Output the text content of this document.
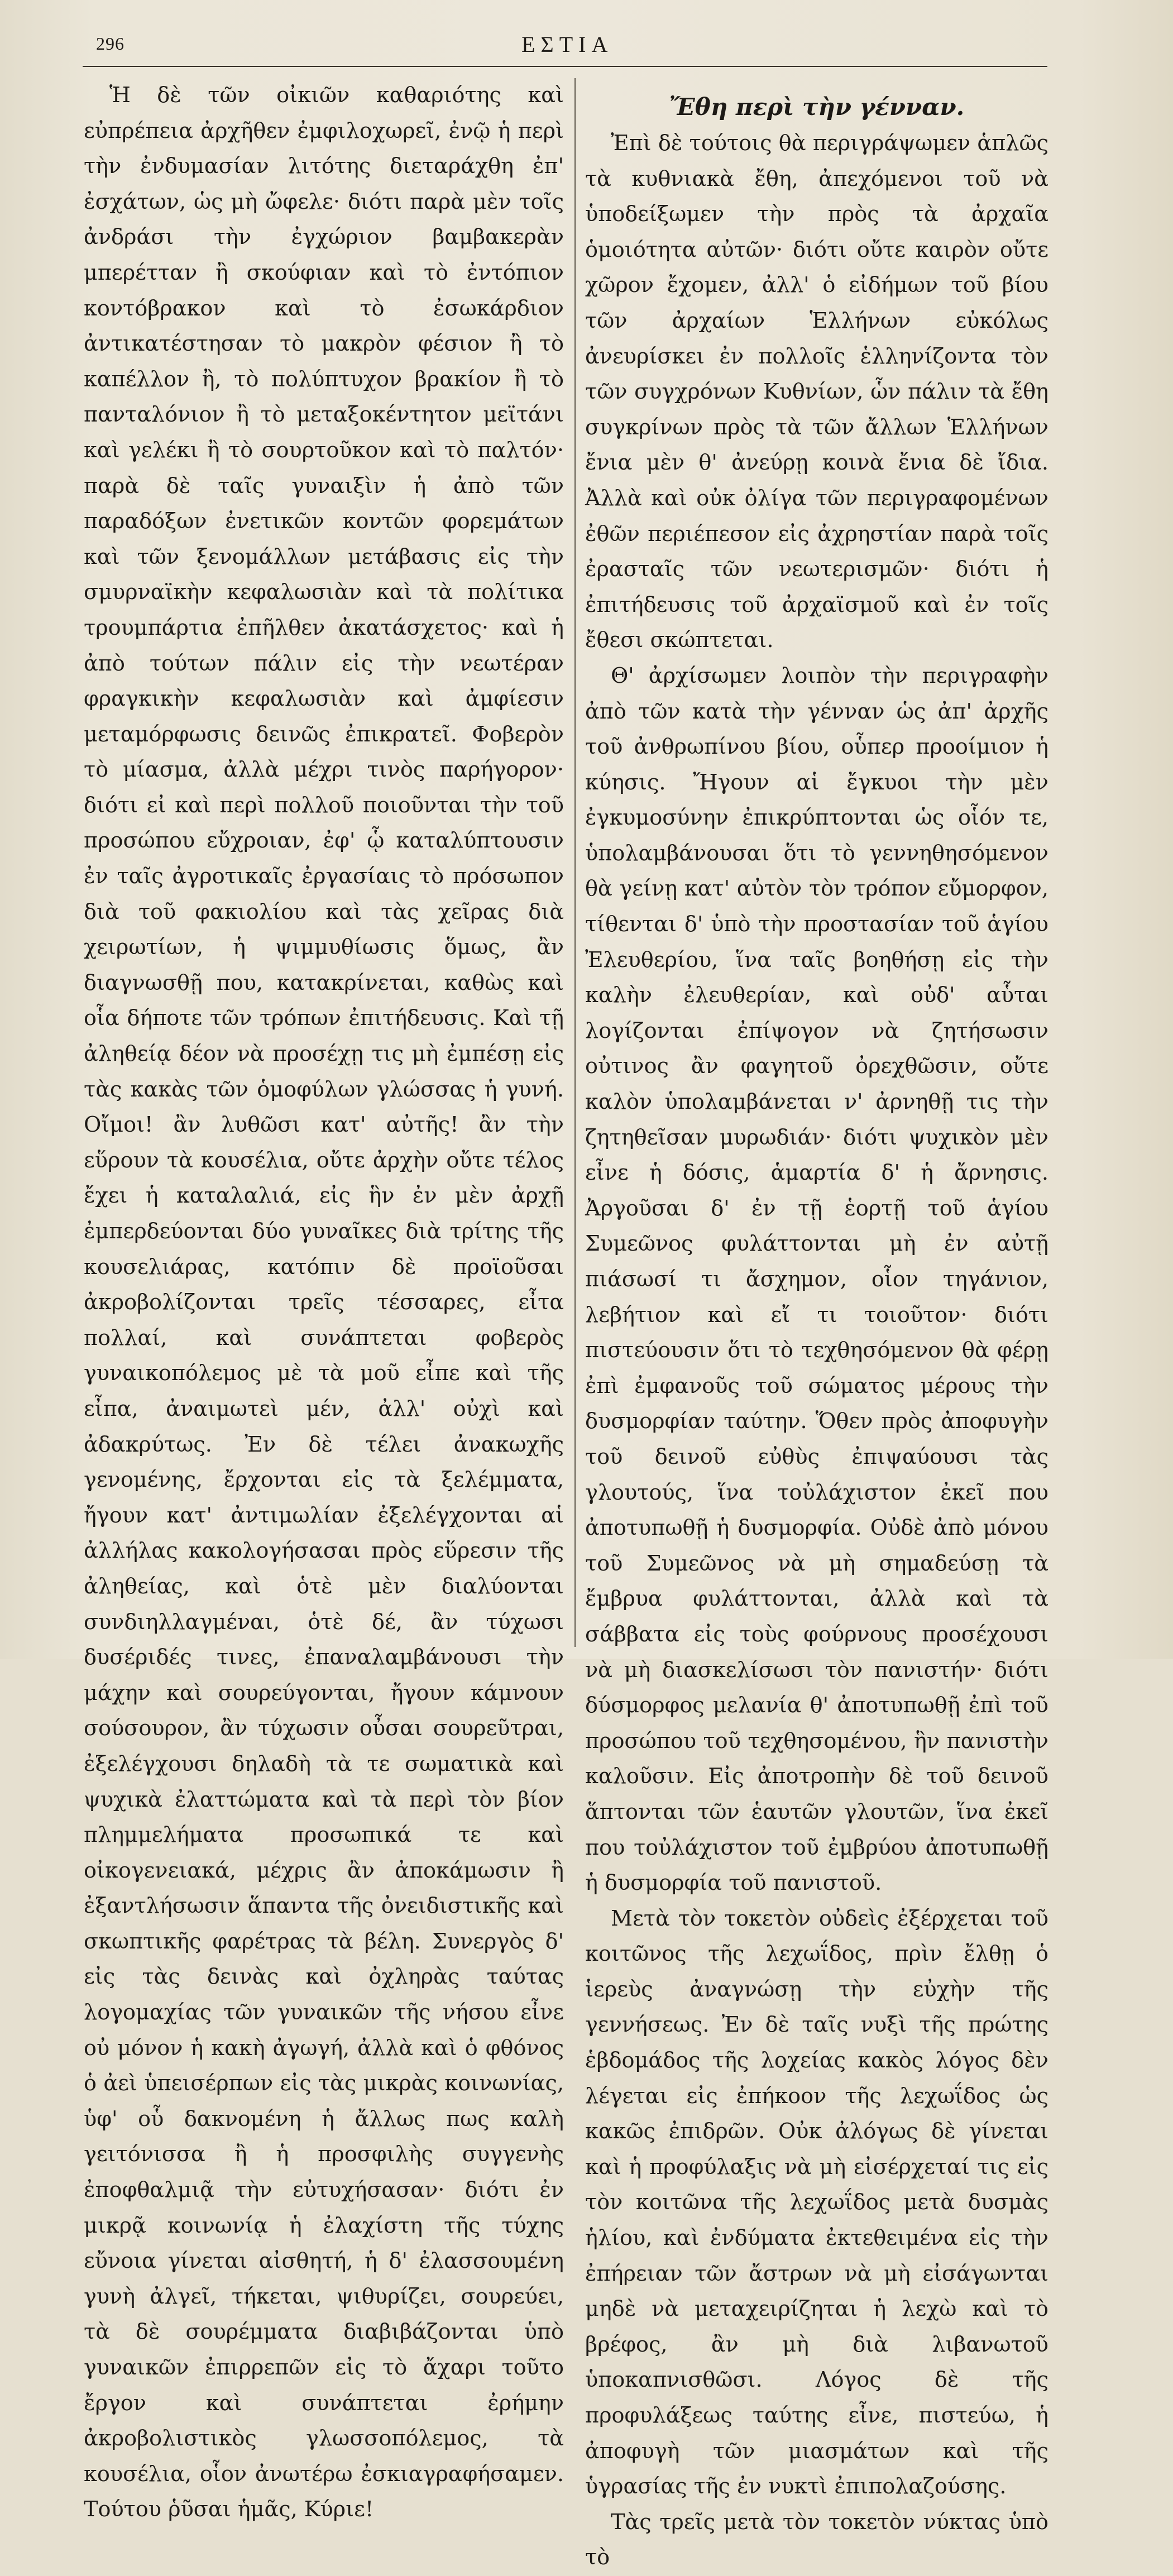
296	ΕΣΤΙΑ

Ἡ δὲ τῶν οἰκιῶν καθαριότης καὶ εὐπρέπεια ἀρχῆθεν ἐμφιλοχωρεῖ, ἐνῷ ἡ περὶ τὴν ἐνδυμασίαν λιτότης διεταράχθη ἐπ' ἐσχάτων, ὡς μὴ ὤφελε· διότι παρὰ μὲν τοῖς ἀνδράσι τὴν ἐγχώριον βαμβακερὰν μπερέτταν ἢ σκούφιαν καὶ τὸ ἐντόπιον κοντόβρακον καὶ τὸ ἐσωκάρδιον ἀντικατέστησαν τὸ μακρὸν φέσιον ἢ τὸ καπέλλον ἢ, τὸ πολύπτυχον βρακίον ἢ τὸ πανταλόνιον ἢ τὸ μεταξοκέντητον μεϊτάνι καὶ γελέκι ἢ τὸ σουρτοῦκον καὶ τὸ παλτόν· παρὰ δὲ ταῖς γυναιξὶν ἡ ἀπὸ τῶν παραδόξων ἐνετικῶν κοντῶν φορεμάτων καὶ τῶν ξενομάλλων μετάβασις εἰς τὴν σμυρναϊκὴν κεφαλωσιὰν καὶ τὰ πολίτικα τρουμπάρτια ἐπῆλθεν ἀκατάσχετος· καὶ ἡ ἀπὸ τούτων πάλιν εἰς τὴν νεωτέραν φραγκικὴν κεφαλωσιὰν καὶ ἀμφίεσιν μεταμόρφωσις δεινῶς ἐπικρατεῖ. Φοβερὸν τὸ μίασμα, ἀλλὰ μέχρι τινὸς παρήγορον· διότι εἰ καὶ περὶ πολλοῦ ποιοῦνται τὴν τοῦ προσώπου εὔχροιαν, ἐφ' ᾧ καταλύπτουσιν ἐν ταῖς ἀγροτικαῖς ἐργασίαις τὸ πρόσωπον διὰ τοῦ φακιολίου καὶ τὰς χεῖρας διὰ χειρωτίων, ἡ ψιμμυθίωσις ὅμως, ἂν διαγνωσθῇ που, κατακρίνεται, καθὼς καὶ οἷα δήποτε τῶν τρόπων ἐπιτήδευσις. Καὶ τῇ ἀληθείᾳ δέον νὰ προσέχῃ τις μὴ ἐμπέσῃ εἰς τὰς κακὰς τῶν ὁμοφύλων γλώσσας ἡ γυνή. Οἴμοι! ἂν λυθῶσι κατ' αὐτῆς! ἂν τὴν εὕρουν τὰ κουσέλια, οὔτε ἀρχὴν οὔτε τέλος ἔχει ἡ καταλαλιά, εἰς ἣν ἐν μὲν ἀρχῇ ἐμπερδεύονται δύο γυναῖκες διὰ τρίτης τῆς κουσελιάρας, κατόπιν δὲ προϊοῦσαι ἀκροβολίζονται τρεῖς τέσσαρες, εἶτα πολλαί, καὶ συνάπτεται φοβερὸς γυναικοπόλεμος μὲ τὰ μοῦ εἶπε καὶ τῆς εἶπα, ἀναιμωτεὶ μέν, ἀλλ' οὐχὶ καὶ ἀδακρύτως. Ἐν δὲ τέλει ἀνακωχῆς γενομένης, ἔρχονται εἰς τὰ ξελέμματα, ἤγουν κατ' ἀντιμωλίαν ἐξελέγχονται αἱ ἀλλήλας κακολογήσασαι πρὸς εὕρεσιν τῆς ἀληθείας, καὶ ὁτὲ μὲν διαλύονται συνδιηλλαγμέναι, ὁτὲ δέ, ἂν τύχωσι δυσέριδές τινες, ἐπαναλαμβάνουσι τὴν μάχην καὶ σουρεύγονται, ἤγουν κάμνουν σούσουρον, ἂν τύχωσιν οὖσαι σουρεῦτραι, ἐξελέγχουσι δηλαδὴ τὰ τε σωματικὰ καὶ ψυχικὰ ἐλαττώματα καὶ τὰ περὶ τὸν βίον πλημμελήματα προσωπικά τε καὶ οἰκογενειακά, μέχρις ἂν ἀποκάμωσιν ἢ ἐξαντλήσωσιν ἅπαντα τῆς ὀνειδιστικῆς καὶ σκωπτικῆς φαρέτρας τὰ βέλη. Συνεργὸς δ' εἰς τὰς δεινὰς καὶ ὀχληρὰς ταύτας λογομαχίας τῶν γυναικῶν τῆς νήσου εἶνε οὐ μόνον ἡ κακὴ ἀγωγή, ἀλλὰ καὶ ὁ φθόνος ὁ ἀεὶ ὑπεισέρπων εἰς τὰς μικρὰς κοινωνίας, ὑφ' οὗ δακνομένη ἡ ἄλλως πως καλὴ γειτόνισσα ἢ ἡ προσφιλὴς συγγενὴς ἐποφθαλμιᾷ τὴν εὐτυχήσασαν· διότι ἐν μικρᾷ κοινωνίᾳ ἡ ἐλαχίστη τῆς τύχης εὔνοια γίνεται αἰσθητή, ἡ δ' ἐλασσουμένη γυνὴ ἀλγεῖ, τήκεται, ψιθυρίζει, σουρεύει, τὰ δὲ σουρέμματα διαβιβάζονται ὑπὸ γυναικῶν ἐπιρρεπῶν εἰς τὸ ἄχαρι τοῦτο ἔργον καὶ συνάπτεται ἐρήμην ἀκροβολιστικὸς γλωσσοπόλεμος, τὰ κουσέλια, οἷον ἀνωτέρω ἐσκιαγραφήσαμεν. Τούτου ῥῦσαι ἡμᾶς, Κύριε!

Ἔθη περὶ τὴν γένναν.

Ἐπὶ δὲ τούτοις θὰ περιγράψωμεν ἁπλῶς τὰ κυθνιακὰ ἔθη, ἀπεχόμενοι τοῦ νὰ ὑποδείξωμεν τὴν πρὸς τὰ ἀρχαῖα ὁμοιότητα αὐτῶν· διότι οὔτε καιρὸν οὔτε χῶρον ἔχομεν, ἀλλ' ὁ εἰδήμων τοῦ βίου τῶν ἀρχαίων Ἑλλήνων εὐκόλως ἀνευρίσκει ἐν πολλοῖς ἑλληνίζοντα τὸν τῶν συγχρόνων Κυθνίων, ὧν πάλιν τὰ ἔθη συγκρίνων πρὸς τὰ τῶν ἄλλων Ἑλλήνων ἔνια μὲν θ' ἀνεύρῃ κοινὰ ἔνια δὲ ἴδια. Ἀλλὰ καὶ οὐκ ὀλίγα τῶν περιγραφομένων ἐθῶν περιέπεσον εἰς ἀχρηστίαν παρὰ τοῖς ἐρασταῖς τῶν νεωτερισμῶν· διότι ἡ ἐπιτήδευσις τοῦ ἀρχαϊσμοῦ καὶ ἐν τοῖς ἔθεσι σκώπτεται.

Θ' ἀρχίσωμεν λοιπὸν τὴν περιγραφὴν ἀπὸ τῶν κατὰ τὴν γένναν ὡς ἀπ' ἀρχῆς τοῦ ἀνθρωπίνου βίου, οὗπερ προοίμιον ἡ κύησις. Ἤγουν αἱ ἔγκυοι τὴν μὲν ἐγκυμοσύνην ἐπικρύπτονται ὡς οἷόν τε, ὑπολαμβάνουσαι ὅτι τὸ γεννηθησόμενον θὰ γείνῃ κατ' αὐτὸν τὸν τρόπον εὔμορφον, τίθενται δ' ὑπὸ τὴν προστασίαν τοῦ ἁγίου Ἐλευθερίου, ἵνα ταῖς βοηθήσῃ εἰς τὴν καλὴν ἐλευθερίαν, καὶ οὐδ' αὗται λογίζονται ἐπίψογον νὰ ζητήσωσιν οὐτινος ἂν φαγητοῦ ὀρεχθῶσιν, οὔτε καλὸν ὑπολαμβάνεται ν' ἀρνηθῇ τις τὴν ζητηθεῖσαν μυρωδιάν· διότι ψυχικὸν μὲν εἶνε ἡ δόσις, ἁμαρτία δ' ἡ ἄρνησις. Ἀργοῦσαι δ' ἐν τῇ ἑορτῇ τοῦ ἁγίου Συμεῶνος φυλάττονται μὴ ἐν αὐτῇ πιάσωσί τι ἄσχημον, οἷον τηγάνιον, λεβήτιον καὶ εἴ τι τοιοῦτον· διότι πιστεύουσιν ὅτι τὸ τεχθησόμενον θὰ φέρῃ ἐπὶ ἐμφανοῦς τοῦ σώματος μέρους τὴν δυσμορφίαν ταύτην. Ὅθεν πρὸς ἀποφυγὴν τοῦ δεινοῦ εὐθὺς ἐπιψαύουσι τὰς γλουτούς, ἵνα τοὐλάχιστον ἐκεῖ που ἀποτυπωθῇ ἡ δυσμορφία. Οὐδὲ ἀπὸ μόνου τοῦ Συμεῶνος νὰ μὴ σημαδεύσῃ τὰ ἔμβρυα φυλάττονται, ἀλλὰ καὶ τὰ σάββατα εἰς τοὺς φούρνους προσέχουσι νὰ μὴ διασκελίσωσι τὸν πανιστήν· διότι δύσμορφος μελανία θ' ἀποτυπωθῇ ἐπὶ τοῦ προσώπου τοῦ τεχθησομένου, ἣν πανιστὴν καλοῦσιν. Εἰς ἀποτροπὴν δὲ τοῦ δεινοῦ ἅπτονται τῶν ἑαυτῶν γλουτῶν, ἵνα ἐκεῖ που τοὐλάχιστον τοῦ ἐμβρύου ἀποτυπωθῇ ἡ δυσμορφία τοῦ πανιστοῦ.

Μετὰ τὸν τοκετὸν οὐδεὶς ἐξέρχεται τοῦ κοιτῶνος τῆς λεχωΐδος, πρὶν ἔλθῃ ὁ ἱερεὺς ἀναγνώσῃ τὴν εὐχὴν τῆς γεννήσεως. Ἐν δὲ ταῖς νυξὶ τῆς πρώτης ἑβδομάδος τῆς λοχείας κακὸς λόγος δὲν λέγεται εἰς ἐπήκοον τῆς λεχωΐδος ὡς κακῶς ἐπιδρῶν. Οὐκ ἀλόγως δὲ γίνεται καὶ ἡ προφύλαξις νὰ μὴ εἰσέρχεταί τις εἰς τὸν κοιτῶνα τῆς λεχωΐδος μετὰ δυσμὰς ἡλίου, καὶ ἐνδύματα ἐκτεθειμένα εἰς τὴν ἐπήρειαν τῶν ἄστρων νὰ μὴ εἰσάγωνται μηδὲ νὰ μεταχειρίζηται ἡ λεχὼ καὶ τὸ βρέφος, ἂν μὴ διὰ λιβανωτοῦ ὑποκαπνισθῶσι. Λόγος δὲ τῆς προφυλάξεως ταύτης εἶνε, πιστεύω, ἡ ἀποφυγὴ τῶν μιασμάτων καὶ τῆς ὑγρασίας τῆς ἐν νυκτὶ ἐπιπολαζούσης.

Τὰς τρεῖς μετὰ τὸν τοκετὸν νύκτας ὑπὸ τὸ
